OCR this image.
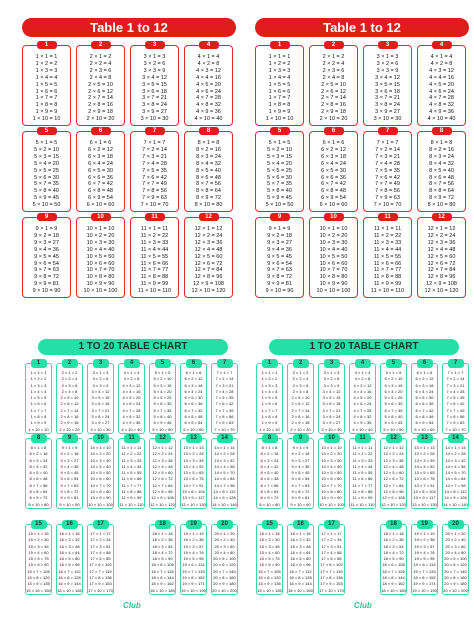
Table 1 to 12
1
1 × 1 = 1
1 × 2 = 2
1 × 3 = 3
1 × 4 = 4
1 × 5 = 5
1 × 6 = 6
1 × 7 = 7
1 × 8 = 8
1 × 9 = 9
1 × 10 = 10
2
2 × 1 = 2
2 × 2 = 4
2 × 3 = 6
2 × 4 = 8
2 × 5 = 10
2 × 6 = 12
2 × 7 = 14
2 × 8 = 16
2 × 9 = 18
2 × 10 = 20
3
3 × 1 = 3
3 × 2 = 6
3 × 3 = 9
3 × 4 = 12
3 × 5 = 15
3 × 6 = 18
3 × 7 = 21
3 × 8 = 24
3 × 9 = 27
3 × 10 = 30
4
4 × 1 = 4
4 × 2 = 8
4 × 3 = 12
4 × 4 = 16
4 × 5 = 20
4 × 6 = 24
4 × 7 = 28
4 × 8 = 32
4 × 9 = 36
4 × 10 = 40
5
5 × 1 = 5
5 × 2 = 10
5 × 3 = 15
5 × 4 = 20
5 × 5 = 25
5 × 6 = 30
5 × 7 = 35
5 × 8 = 40
5 × 9 = 45
5 × 10 = 50
6
6 × 1 = 6
6 × 2 = 12
6 × 3 = 18
6 × 4 = 24
6 × 5 = 30
6 × 6 = 36
6 × 7 = 42
6 × 8 = 48
6 × 9 = 54
6 × 10 = 60
7
7 × 1 = 7
7 × 2 = 14
7 × 3 = 21
7 × 4 = 28
7 × 5 = 35
7 × 6 = 42
7 × 7 = 49
7 × 8 = 56
7 × 9 = 63
7 × 10 = 70
8
8 × 1 = 8
8 × 2 = 16
8 × 3 = 24
8 × 4 = 32
8 × 5 = 40
8 × 6 = 48
8 × 7 = 56
8 × 8 = 64
8 × 9 = 72
8 × 10 = 80
9
9 × 1 = 9
9 × 2 = 18
9 × 3 = 27
9 × 4 = 36
9 × 5 = 45
9 × 6 = 54
9 × 7 = 63
9 × 8 = 72
9 × 9 = 81
9 × 10 = 90
10
10 × 1 = 10
10 × 2 = 20
10 × 3 = 30
10 × 4 = 40
10 × 5 = 50
10 × 6 = 60
10 × 7 = 70
10 × 8 = 80
10 × 9 = 90
10 × 10 = 100
11
11 × 1 = 11
11 × 2 = 22
11 × 3 = 33
11 × 4 = 44
11 × 5 = 55
11 × 6 = 66
11 × 7 = 77
11 × 8 = 88
11 × 9 = 99
11 × 10 = 110
12
12 × 1 = 12
12 × 2 = 24
12 × 3 = 36
12 × 4 = 48
12 × 5 = 60
12 × 6 = 72
12 × 7 = 84
12 × 8 = 96
12 × 9 = 108
12 × 10 = 120
Table 1 to 12
1
1 × 1 = 1
1 × 2 = 2
1 × 3 = 3
1 × 4 = 4
1 × 5 = 5
1 × 6 = 6
1 × 7 = 7
1 × 8 = 8
1 × 9 = 9
1 × 10 = 10
2
2 × 1 = 2
2 × 2 = 4
2 × 3 = 6
2 × 4 = 8
2 × 5 = 10
2 × 6 = 12
2 × 7 = 14
2 × 8 = 16
2 × 9 = 18
2 × 10 = 20
3
3 × 1 = 3
3 × 2 = 6
3 × 3 = 9
3 × 4 = 12
3 × 5 = 15
3 × 6 = 18
3 × 7 = 21
3 × 8 = 24
3 × 9 = 27
3 × 10 = 30
4
4 × 1 = 4
4 × 2 = 8
4 × 3 = 12
4 × 4 = 16
4 × 5 = 20
4 × 6 = 24
4 × 7 = 28
4 × 8 = 32
4 × 9 = 36
4 × 10 = 40
5
5 × 1 = 5
5 × 2 = 10
5 × 3 = 15
5 × 4 = 20
5 × 5 = 25
5 × 6 = 30
5 × 7 = 35
5 × 8 = 40
5 × 9 = 45
5 × 10 = 50
6
6 × 1 = 6
6 × 2 = 12
6 × 3 = 18
6 × 4 = 24
6 × 5 = 30
6 × 6 = 36
6 × 7 = 42
6 × 8 = 48
6 × 9 = 54
6 × 10 = 60
7
7 × 1 = 7
7 × 2 = 14
7 × 3 = 21
7 × 4 = 28
7 × 5 = 35
7 × 6 = 42
7 × 7 = 49
7 × 8 = 56
7 × 9 = 63
7 × 10 = 70
8
8 × 1 = 8
8 × 2 = 16
8 × 3 = 24
8 × 4 = 32
8 × 5 = 40
8 × 6 = 48
8 × 7 = 56
8 × 8 = 64
8 × 9 = 72
8 × 10 = 80
9
9 × 1 = 9
9 × 2 = 18
9 × 3 = 27
9 × 4 = 36
9 × 5 = 45
9 × 6 = 54
9 × 7 = 63
9 × 8 = 72
9 × 9 = 81
9 × 10 = 90
10
10 × 1 = 10
10 × 2 = 20
10 × 3 = 30
10 × 4 = 40
10 × 5 = 50
10 × 6 = 60
10 × 7 = 70
10 × 8 = 80
10 × 9 = 90
10 × 10 = 100
11
11 × 1 = 11
11 × 2 = 22
11 × 3 = 33
11 × 4 = 44
11 × 5 = 55
11 × 6 = 66
11 × 7 = 77
11 × 8 = 88
11 × 9 = 99
11 × 10 = 110
12
12 × 1 = 12
12 × 2 = 24
12 × 3 = 36
12 × 4 = 48
12 × 5 = 60
12 × 6 = 72
12 × 7 = 84
12 × 8 = 96
12 × 9 = 108
12 × 10 = 120
1 TO 20 TABLE CHART
1
1 × 1 = 1
1 × 2 = 2
1 × 3 = 3
1 × 4 = 4
1 × 5 = 5
1 × 6 = 6
1 × 7 = 7
1 × 8 = 8
1 × 9 = 9
1 × 10 = 10
2
2 × 1 = 2
2 × 2 = 4
2 × 3 = 6
2 × 4 = 8
2 × 5 = 10
2 × 6 = 12
2 × 7 = 14
2 × 8 = 16
2 × 9 = 18
2 × 10 = 20
3
3 × 1 = 3
3 × 2 = 6
3 × 3 = 9
3 × 4 = 12
3 × 5 = 15
3 × 6 = 18
3 × 7 = 21
3 × 8 = 24
3 × 9 = 27
3 × 10 = 30
4
4 × 1 = 4
4 × 2 = 8
4 × 3 = 12
4 × 4 = 16
4 × 5 = 20
4 × 6 = 24
4 × 7 = 28
4 × 8 = 32
4 × 9 = 36
4 × 10 = 40
5
5 × 1 = 5
5 × 2 = 10
5 × 3 = 15
5 × 4 = 20
5 × 5 = 25
5 × 6 = 30
5 × 7 = 35
5 × 8 = 40
5 × 9 = 45
5 × 10 = 50
6
6 × 1 = 6
6 × 2 = 12
6 × 3 = 18
6 × 4 = 24
6 × 5 = 30
6 × 6 = 36
6 × 7 = 42
6 × 8 = 48
6 × 9 = 54
6 × 10 = 60
7
7 × 1 = 7
7 × 2 = 14
7 × 3 = 21
7 × 4 = 28
7 × 5 = 35
7 × 6 = 42
7 × 7 = 49
7 × 8 = 56
7 × 9 = 63
7 × 10 = 70
8
8 × 1 = 8
8 × 2 = 16
8 × 3 = 24
8 × 4 = 32
8 × 5 = 40
8 × 6 = 48
8 × 7 = 56
8 × 8 = 64
8 × 9 = 72
8 × 10 = 80
9
9 × 1 = 9
9 × 2 = 18
9 × 3 = 27
9 × 4 = 36
9 × 5 = 45
9 × 6 = 54
9 × 7 = 63
9 × 8 = 72
9 × 9 = 81
9 × 10 = 90
10
10 × 1 = 10
10 × 2 = 20
10 × 3 = 30
10 × 4 = 40
10 × 5 = 50
10 × 6 = 60
10 × 7 = 70
10 × 8 = 80
10 × 9 = 90
10 × 10 = 100
11
11 × 1 = 11
11 × 2 = 22
11 × 3 = 33
11 × 4 = 44
11 × 5 = 55
11 × 6 = 66
11 × 7 = 77
11 × 8 = 88
11 × 9 = 99
11 × 10 = 110
12
12 × 1 = 12
12 × 2 = 24
12 × 3 = 36
12 × 4 = 48
12 × 5 = 60
12 × 6 = 72
12 × 7 = 84
12 × 8 = 96
12 × 9 = 108
12 × 10 = 120
13
13 × 1 = 13
13 × 2 = 26
13 × 3 = 39
13 × 4 = 52
13 × 5 = 65
13 × 6 = 78
13 × 7 = 91
13 × 8 = 104
13 × 9 = 117
13 × 10 = 130
14
14 × 1 = 14
14 × 2 = 28
14 × 3 = 42
14 × 4 = 56
14 × 5 = 70
14 × 6 = 84
14 × 7 = 98
14 × 8 = 112
14 × 9 = 126
14 × 10 = 140
15
15 × 1 = 15
15 × 2 = 30
15 × 3 = 45
15 × 4 = 60
15 × 5 = 75
15 × 6 = 90
15 × 7 = 105
15 × 8 = 120
15 × 9 = 135
15 × 10 = 150
16
16 × 1 = 16
16 × 2 = 32
16 × 3 = 48
16 × 4 = 64
16 × 5 = 80
16 × 6 = 96
16 × 7 = 112
16 × 8 = 128
16 × 9 = 144
16 × 10 = 160
17
17 × 1 = 17
17 × 2 = 34
17 × 3 = 51
17 × 4 = 68
17 × 5 = 85
17 × 6 = 102
17 × 7 = 119
17 × 8 = 136
17 × 9 = 153
17 × 10 = 170
18
18 × 1 = 18
18 × 2 = 36
18 × 3 = 54
18 × 4 = 72
18 × 5 = 90
18 × 6 = 108
18 × 7 = 126
18 × 8 = 144
18 × 9 = 162
18 × 10 = 180
19
19 × 1 = 19
19 × 2 = 38
19 × 3 = 57
19 × 4 = 76
19 × 5 = 95
19 × 6 = 114
19 × 7 = 133
19 × 8 = 152
19 × 9 = 171
19 × 10 = 190
20
20 × 1 = 20
20 × 2 = 40
20 × 3 = 60
20 × 4 = 80
20 × 5 = 100
20 × 6 = 120
20 × 7 = 140
20 × 8 = 160
20 × 9 = 180
20 × 10 = 200
Club
1 TO 20 TABLE CHART
1
1 × 1 = 1
1 × 2 = 2
1 × 3 = 3
1 × 4 = 4
1 × 5 = 5
1 × 6 = 6
1 × 7 = 7
1 × 8 = 8
1 × 9 = 9
1 × 10 = 10
2
2 × 1 = 2
2 × 2 = 4
2 × 3 = 6
2 × 4 = 8
2 × 5 = 10
2 × 6 = 12
2 × 7 = 14
2 × 8 = 16
2 × 9 = 18
2 × 10 = 20
3
3 × 1 = 3
3 × 2 = 6
3 × 3 = 9
3 × 4 = 12
3 × 5 = 15
3 × 6 = 18
3 × 7 = 21
3 × 8 = 24
3 × 9 = 27
3 × 10 = 30
4
4 × 1 = 4
4 × 2 = 8
4 × 3 = 12
4 × 4 = 16
4 × 5 = 20
4 × 6 = 24
4 × 7 = 28
4 × 8 = 32
4 × 9 = 36
4 × 10 = 40
5
5 × 1 = 5
5 × 2 = 10
5 × 3 = 15
5 × 4 = 20
5 × 5 = 25
5 × 6 = 30
5 × 7 = 35
5 × 8 = 40
5 × 9 = 45
5 × 10 = 50
6
6 × 1 = 6
6 × 2 = 12
6 × 3 = 18
6 × 4 = 24
6 × 5 = 30
6 × 6 = 36
6 × 7 = 42
6 × 8 = 48
6 × 9 = 54
6 × 10 = 60
7
7 × 1 = 7
7 × 2 = 14
7 × 3 = 21
7 × 4 = 28
7 × 5 = 35
7 × 6 = 42
7 × 7 = 49
7 × 8 = 56
7 × 9 = 63
7 × 10 = 70
8
8 × 1 = 8
8 × 2 = 16
8 × 3 = 24
8 × 4 = 32
8 × 5 = 40
8 × 6 = 48
8 × 7 = 56
8 × 8 = 64
8 × 9 = 72
8 × 10 = 80
9
9 × 1 = 9
9 × 2 = 18
9 × 3 = 27
9 × 4 = 36
9 × 5 = 45
9 × 6 = 54
9 × 7 = 63
9 × 8 = 72
9 × 9 = 81
9 × 10 = 90
10
10 × 1 = 10
10 × 2 = 20
10 × 3 = 30
10 × 4 = 40
10 × 5 = 50
10 × 6 = 60
10 × 7 = 70
10 × 8 = 80
10 × 9 = 90
10 × 10 = 100
11
11 × 1 = 11
11 × 2 = 22
11 × 3 = 33
11 × 4 = 44
11 × 5 = 55
11 × 6 = 66
11 × 7 = 77
11 × 8 = 88
11 × 9 = 99
11 × 10 = 110
12
12 × 1 = 12
12 × 2 = 24
12 × 3 = 36
12 × 4 = 48
12 × 5 = 60
12 × 6 = 72
12 × 7 = 84
12 × 8 = 96
12 × 9 = 108
12 × 10 = 120
13
13 × 1 = 13
13 × 2 = 26
13 × 3 = 39
13 × 4 = 52
13 × 5 = 65
13 × 6 = 78
13 × 7 = 91
13 × 8 = 104
13 × 9 = 117
13 × 10 = 130
14
14 × 1 = 14
14 × 2 = 28
14 × 3 = 42
14 × 4 = 56
14 × 5 = 70
14 × 6 = 84
14 × 7 = 98
14 × 8 = 112
14 × 9 = 126
14 × 10 = 140
15
15 × 1 = 15
15 × 2 = 30
15 × 3 = 45
15 × 4 = 60
15 × 5 = 75
15 × 6 = 90
15 × 7 = 105
15 × 8 = 120
15 × 9 = 135
15 × 10 = 150
16
16 × 1 = 16
16 × 2 = 32
16 × 3 = 48
16 × 4 = 64
16 × 5 = 80
16 × 6 = 96
16 × 7 = 112
16 × 8 = 128
16 × 9 = 144
16 × 10 = 160
17
17 × 1 = 17
17 × 2 = 34
17 × 3 = 51
17 × 4 = 68
17 × 5 = 85
17 × 6 = 102
17 × 7 = 119
17 × 8 = 136
17 × 9 = 153
17 × 10 = 170
18
18 × 1 = 18
18 × 2 = 36
18 × 3 = 54
18 × 4 = 72
18 × 5 = 90
18 × 6 = 108
18 × 7 = 126
18 × 8 = 144
18 × 9 = 162
18 × 10 = 180
19
19 × 1 = 19
19 × 2 = 38
19 × 3 = 57
19 × 4 = 76
19 × 5 = 95
19 × 6 = 114
19 × 7 = 133
19 × 8 = 152
19 × 9 = 171
19 × 10 = 190
20
20 × 1 = 20
20 × 2 = 40
20 × 3 = 60
20 × 4 = 80
20 × 5 = 100
20 × 6 = 120
20 × 7 = 140
20 × 8 = 160
20 × 9 = 180
20 × 10 = 200
Club
